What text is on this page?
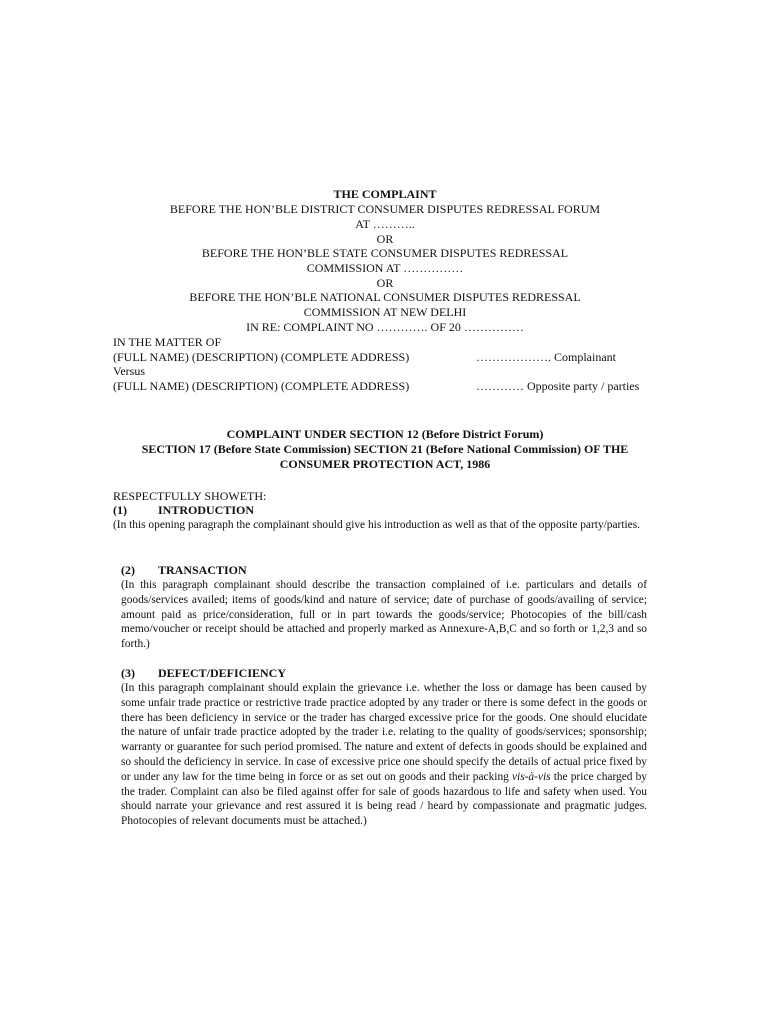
THE COMPLAINT
BEFORE THE HON’BLE DISTRICT CONSUMER DISPUTES REDRESSAL FORUM
AT ………..
OR
BEFORE THE HON’BLE STATE CONSUMER DISPUTES REDRESSAL
COMMISSION AT ……………
OR
BEFORE THE HON’BLE NATIONAL CONSUMER DISPUTES REDRESSAL
COMMISSION AT NEW DELHI
IN RE: COMPLAINT NO …………. OF 20 ……………
IN THE MATTER OF
(FULL NAME) (DESCRIPTION) (COMPLETE ADDRESS)	………………. Complainant
Versus
(FULL NAME) (DESCRIPTION) (COMPLETE ADDRESS)	………… Opposite party / parties
COMPLAINT UNDER SECTION 12 (Before District Forum)
SECTION 17 (Before State Commission) SECTION 21 (Before National Commission) OF THE
CONSUMER PROTECTION ACT, 1986
RESPECTFULLY SHOWETH:
(1)	INTRODUCTION
(In this opening paragraph the complainant should give his introduction as well as that of the opposite party/parties.
(2) TRANSACTION
(In this paragraph complainant should describe the transaction complained of i.e. particulars and details of goods/services availed; items of goods/kind and nature of service; date of purchase of goods/availing of service; amount paid as price/consideration, full or in part towards the goods/service; Photocopies of the bill/cash memo/voucher or receipt should be attached and properly marked as Annexure-A,B,C and so forth or 1,2,3 and so forth.)
(3) DEFECT/DEFICIENCY
(In this paragraph complainant should explain the grievance i.e. whether the loss or damage has been caused by some unfair trade practice or restrictive trade practice adopted by any trader or there is some defect in the goods or there has been deficiency in service or the trader has charged excessive price for the goods. One should elucidate the nature of unfair trade practice adopted by the trader i.e. relating to the quality of goods/services; sponsorship; warranty or guarantee for such period promised. The nature and extent of defects in goods should be explained and so should the deficiency in service. In case of excessive price one should specify the details of actual price fixed by or under any law for the time being in force or as set out on goods and their packing vis-à-vis the price charged by the trader. Complaint can also be filed against offer for sale of goods hazardous to life and safety when used. You should narrate your grievance and rest assured it is being read / heard by compassionate and pragmatic judges. Photocopies of relevant documents must be attached.)
